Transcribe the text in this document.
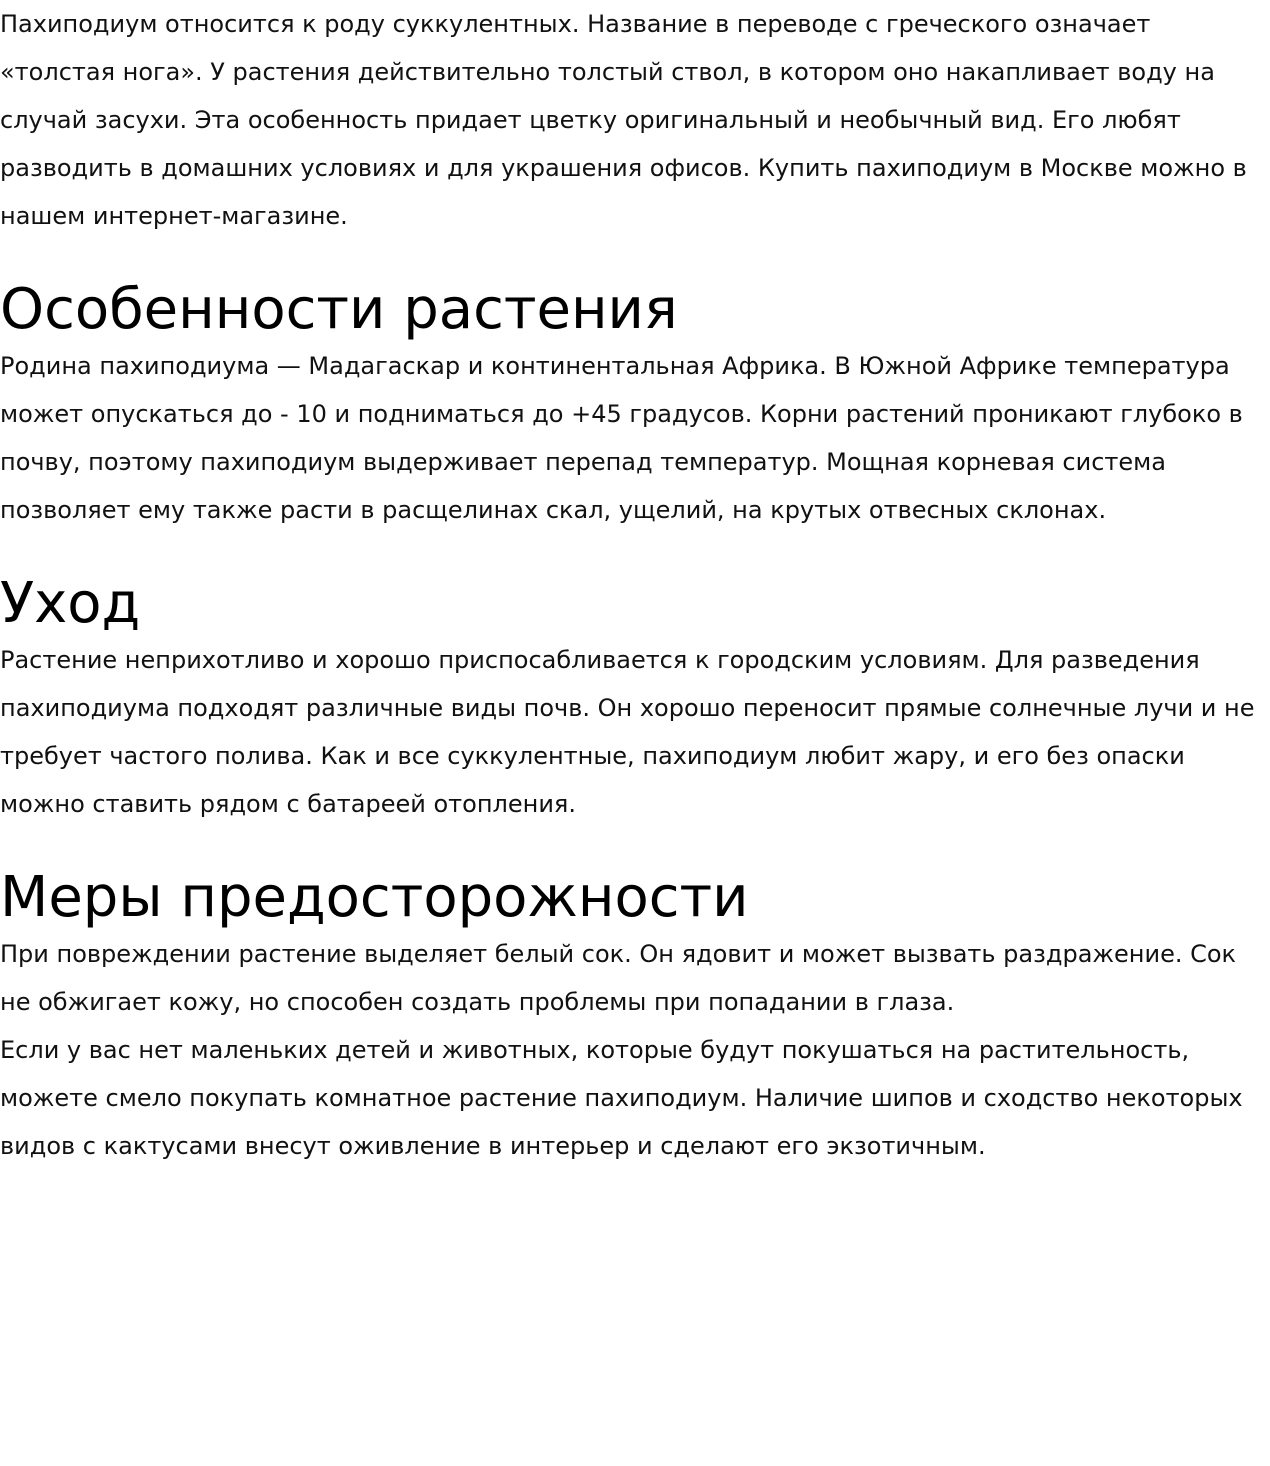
Пахиподиум относится к роду суккулентных. Название в переводе с греческого означает «толстая нога». У растения действительно толстый ствол, в котором оно накапливает воду на случай засухи. Эта особенность придает цветку оригинальный и необычный вид. Его любят разводить в домашних условиях и для украшения офисов. Купить пахиподиум в Москве можно в нашем интернет-магазине.

Особенности растения

Родина пахиподиума — Мадагаскар и континентальная Африка. В Южной Африке температура может опускаться до - 10 и подниматься до +45 градусов. Корни растений проникают глубоко в почву, поэтому пахиподиум выдерживает перепад температур. Мощная корневая система позволяет ему также расти в расщелинах скал, ущелий, на крутых отвесных склонах.

Уход

Растение неприхотливо и хорошо приспосабливается к городским условиям. Для разведения пахиподиума подходят различные виды почв. Он хорошо переносит прямые солнечные лучи и не требует частого полива. Как и все суккулентные, пахиподиум любит жару, и его без опаски можно ставить рядом с батареей отопления.

Меры предосторожности

При повреждении растение выделяет белый сок. Он ядовит и может вызвать раздражение. Сок не обжигает кожу, но способен создать проблемы при попадании в глаза.

Если у вас нет маленьких детей и животных, которые будут покушаться на растительность, можете смело покупать комнатное растение пахиподиум. Наличие шипов и сходство некоторых видов с кактусами внесут оживление в интерьер и сделают его экзотичным.
